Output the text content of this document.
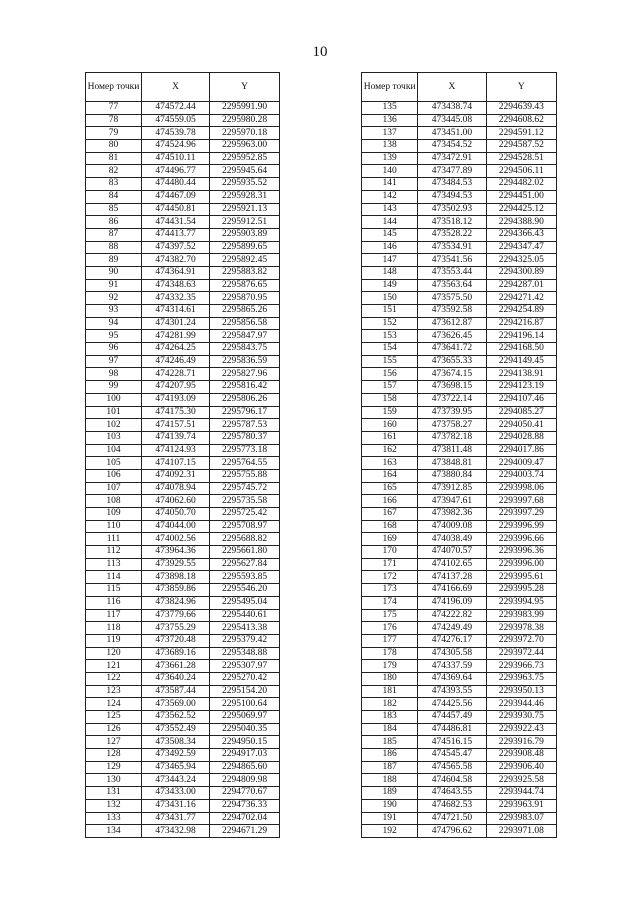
10
Номер точки	X	Y
77	474572.44	2295991.90
78	474559.05	2295980.28
79	474539.78	2295970.18
80	474524.96	2295963.00
81	474510.11	2295952.85
82	474496.77	2295945.64
83	474480.44	2295935.52
84	474467.09	2295928.31
85	474450.81	2295921.13
86	474431.54	2295912.51
87	474413.77	2295903.89
88	474397.52	2295899.65
89	474382.70	2295892.45
90	474364.91	2295883.82
91	474348.63	2295876.65
92	474332.35	2295870.95
93	474314.61	2295865.26
94	474301.24	2295856.58
95	474281.99	2295847.97
96	474264.25	2295843.75
97	474246.49	2295836.59
98	474228.71	2295827.96
99	474207.95	2295816.42
100	474193.09	2295806.26
101	474175.30	2295796.17
102	474157.51	2295787.53
103	474139.74	2295780.37
104	474124.93	2295773.18
105	474107.15	2295764.55
106	474092.31	2295755.88
107	474078.94	2295745.72
108	474062.60	2295735.58
109	474050.70	2295725.42
110	474044.00	2295708.97
111	474002.56	2295688.82
112	473964.36	2295661.80
113	473929.55	2295627.84
114	473898.18	2295593.85
115	473859.86	2295546.20
116	473824.96	2295495.04
117	473779.66	2295440.61
118	473755.29	2295413.38
119	473720.48	2295379.42
120	473689.16	2295348.88
121	473661.28	2295307.97
122	473640.24	2295270.42
123	473587.44	2295154.20
124	473569.00	2295100.64
125	473562.52	2295069.97
126	473552.49	2295040.35
127	473508.34	2294950.15
128	473492.59	2294917.03
129	473465.94	2294865.60
130	473443.24	2294809.98
131	473433.00	2294770.67
132	473431.16	2294736.33
133	473431.77	2294702.04
134	473432.98	2294671.29
Номер точки	X	Y
135	473438.74	2294639.43
136	473445.08	2294608.62
137	473451.00	2294591.12
138	473454.52	2294587.52
139	473472.91	2294528.51
140	473477.89	2294506.11
141	473484.53	2294482.02
142	473494.53	2294451.00
143	473502.93	2294425.12
144	473518.12	2294388.90
145	473528.22	2294366.43
146	473534.91	2294347.47
147	473541.56	2294325.05
148	473553.44	2294300.89
149	473563.64	2294287.01
150	473575.50	2294271.42
151	473592.58	2294254.89
152	473612.87	2294216.87
153	473626.45	2294196.14
154	473641.72	2294168.50
155	473655.33	2294149.45
156	473674.15	2294138.91
157	473698.15	2294123.19
158	473722.14	2294107.46
159	473739.95	2294085.27
160	473758.27	2294050.41
161	473782.18	2294028.88
162	473811.48	2294017.86
163	473848.81	2294009.47
164	473880.84	2294003.74
165	473912.85	2293998.06
166	473947.61	2293997.68
167	473982.36	2293997.29
168	474009.08	2293996.99
169	474038.49	2293996.66
170	474070.57	2293996.36
171	474102.65	2293996.00
172	474137.28	2293995.61
173	474166.69	2293995.28
174	474196.09	2293994.95
175	474222.82	2293983.99
176	474249.49	2293978.38
177	474276.17	2293972.70
178	474305.58	2293972.44
179	474337.59	2293966.73
180	474369.64	2293963.75
181	474393.55	2293950.13
182	474425.56	2293944.46
183	474457.49	2293930.75
184	474486.81	2293922.43
185	474516.15	2293916.79
186	474545.47	2293908.48
187	474565.58	2293906.40
188	474604.58	2293925.58
189	474643.55	2293944.74
190	474682.53	2293963.91
191	474721.50	2293983.07
192	474796.62	2293971.08
